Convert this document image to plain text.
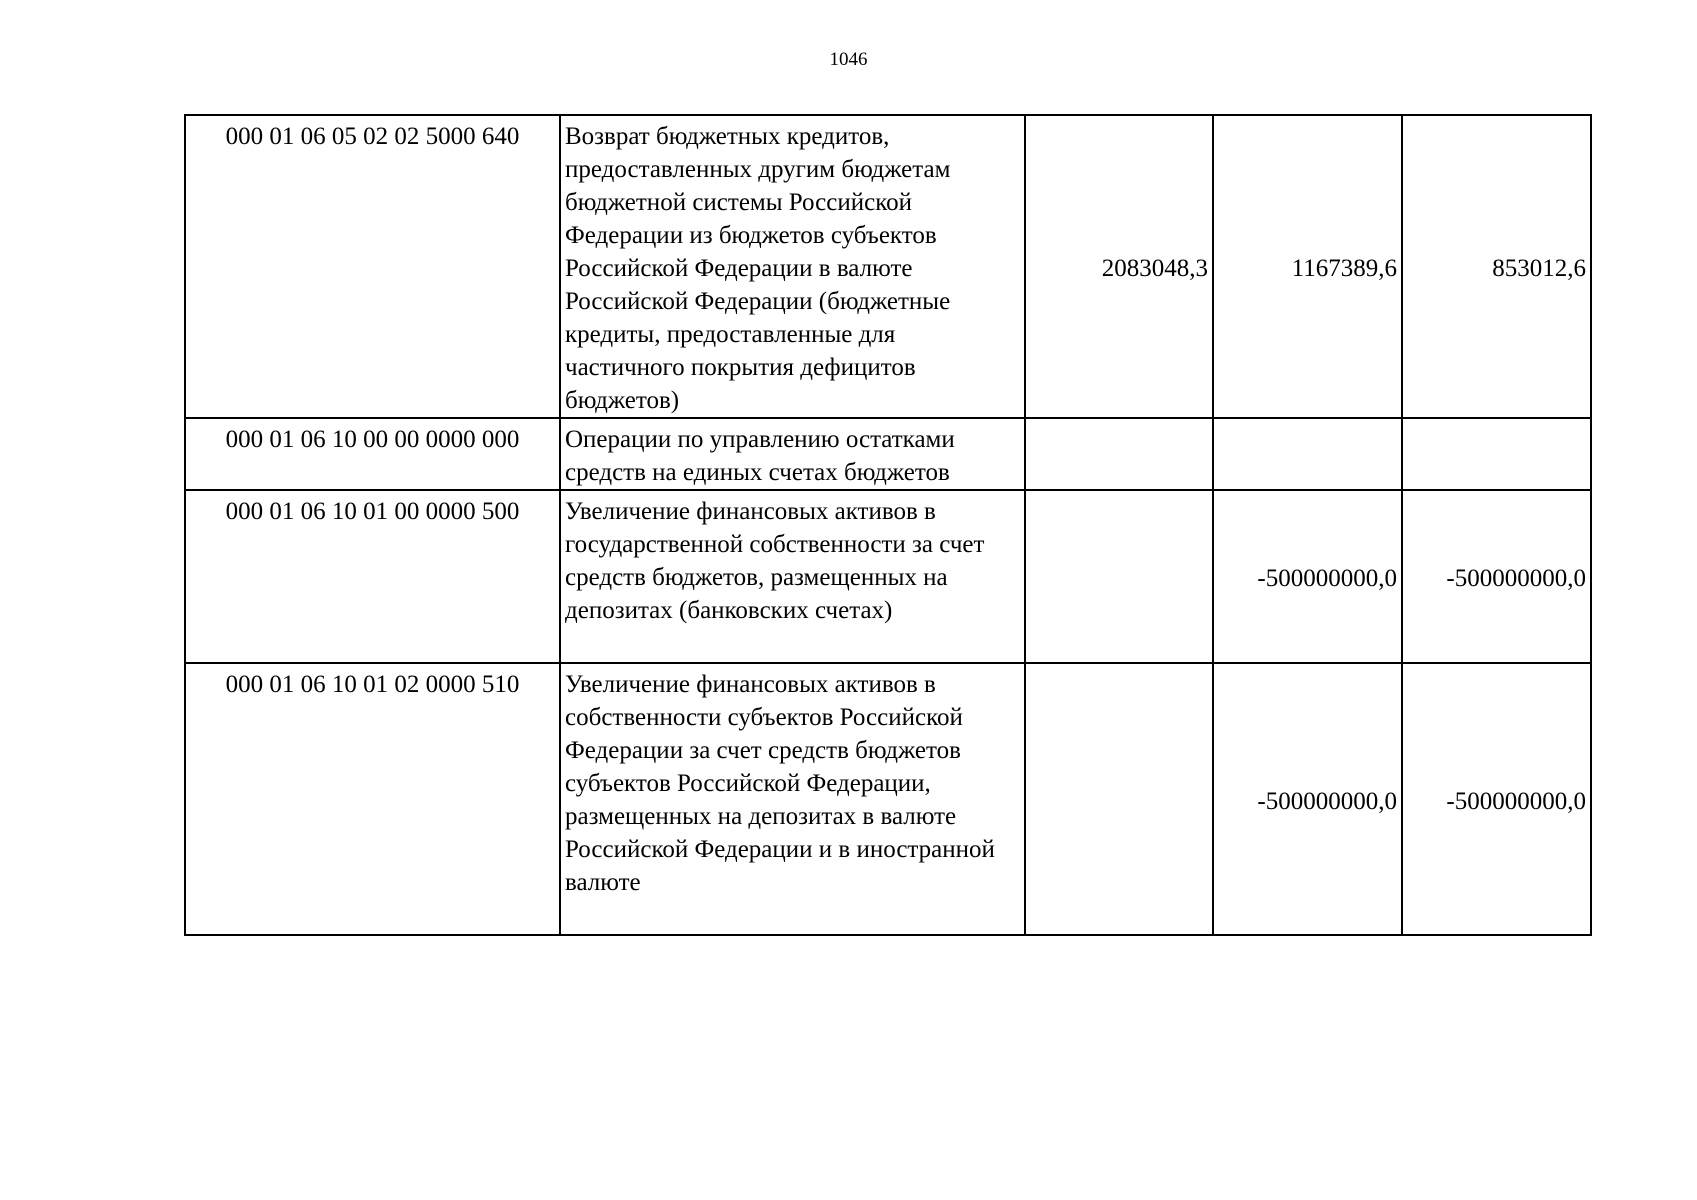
1046
000 01 06 05 02 02 5000 640	Возврат бюджетных кредитов, предоставленных другим бюджетам бюджетной системы Российской Федерации из бюджетов субъектов Российской Федерации в валюте Российской Федерации (бюджетные кредиты, предоставленные для частичного покрытия дефицитов бюджетов)	2083048,3	1167389,6	853012,6
000 01 06 10 00 00 0000 000	Операции по управлению остатками средств на единых счетах бюджетов			
000 01 06 10 01 00 0000 500	Увеличение финансовых активов в государственной собственности за счет средств бюджетов, размещенных на депозитах (банковских счетах)		-500000000,0	-500000000,0
000 01 06 10 01 02 0000 510	Увеличение финансовых активов в собственности субъектов Российской Федерации за счет средств бюджетов субъектов Российской Федерации, размещенных на депозитах в валюте Российской Федерации и в иностранной валюте		-500000000,0	-500000000,0
